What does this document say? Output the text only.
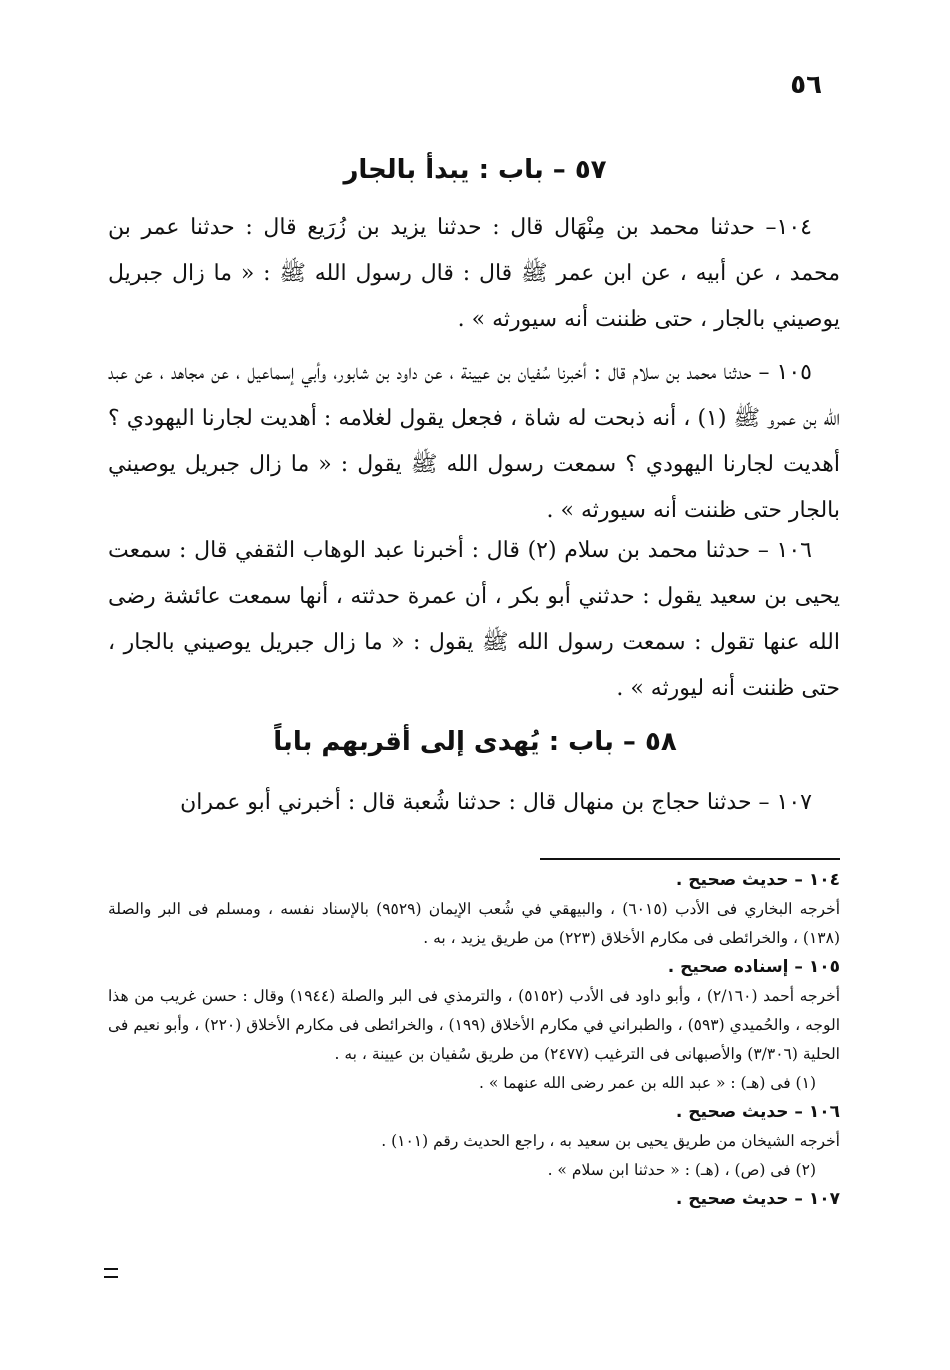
٥٦
٥٧ – باب : يبدأ بالجار

١٠٤– حدثنا محمد بن مِنْهَال قال : حدثنا يزيد بن زُرَيع قال : حدثنا عمر بن محمد ، عن أبيه ، عن ابن عمر ﷺ قال : قال رسول الله ﷺ : « ما زال جبريل يوصيني بالجار ، حتى ظننت أنه سيورثه » .

١٠٥ – حدثنا محمد بن سلام قال : أخبرنا سُفيان بن عيينة ، عن داود بن شابور، وأبي إسماعيل ، عن مجاهد ، عن عبد الله بن عمرو ﷺ (١) ، أنه ذبحت له شاة ، فجعل يقول لغلامه : أهديت لجارنا اليهودي ؟ أهديت لجارنا اليهودي ؟ سمعت رسول الله ﷺ يقول : « ما زال جبريل يوصيني بالجار حتى ظننت أنه سيورثه » .

١٠٦ – حدثنا محمد بن سلام (٢) قال : أخبرنا عبد الوهاب الثقفي قال : سمعت يحيى بن سعيد يقول : حدثني أبو بكر ، أن عمرة حدثته ، أنها سمعت عائشة رضى الله عنها تقول : سمعت رسول الله ﷺ يقول : « ما زال جبريل يوصيني بالجار ، حتى ظننت أنه ليورثه » .

٥٨ – باب : يُهدى إلى أقربهم باباً

١٠٧ – حدثنا حجاج بن منهال قال : حدثنا شُعبة قال : أخبرني أبو عمران

١٠٤ – حديث صحيح .

أخرجه البخاري فى الأدب (٦٠١٥) ، والبيهقي في شُعب الإيمان (٩٥٢٩) بالإسناد نفسه ، ومسلم فى البر والصلة (١٣٨) ، والخرائطى فى مكارم الأخلاق (٢٢٣) من طريق يزيد ، به .

١٠٥ – إسناده صحيح .

أخرجه أحمد (٢/١٦٠) ، وأبو داود فى الأدب (٥١٥٢) ، والترمذي فى البر والصلة (١٩٤٤) وقال : حسن غريب من هذا الوجه ، والحُميدي (٥٩٣) ، والطبراني في مكارم الأخلاق (١٩٩) ، والخرائطى فى مكارم الأخلاق (٢٢٠) ، وأبو نعيم فى الحلية (٣/٣٠٦) والأصبهانى فى الترغيب (٢٤٧٧) من طريق سُفيان بن عيينة ، به .

(١) فى (هـ) : « عبد الله بن عمر رضى الله عنهما » .

١٠٦ – حديث صحيح .

أخرجه الشيخان من طريق يحيى بن سعيد به ، راجع الحديث رقم (١٠١) .

(٢) فى (ص) ، (هـ) : « حدثنا ابن سلام » .

١٠٧ – حديث صحيح .
